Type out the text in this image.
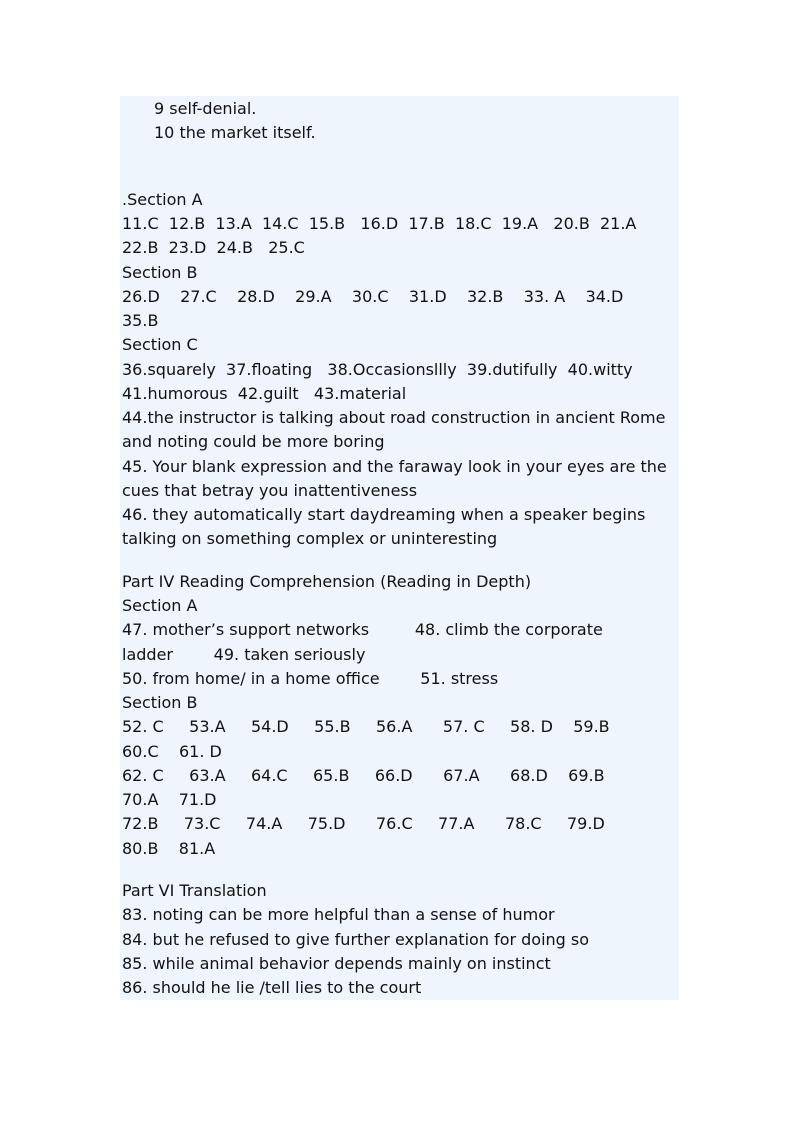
9 self-denial.
10 the market itself.
.Section A
11.C  12.B  13.A  14.C  15.B   16.D  17.B  18.C  19.A   20.B  21.A
22.B  23.D  24.B   25.C
Section B
26.D    27.C    28.D    29.A    30.C    31.D    32.B    33. A    34.D
35.B
Section C
36.squarely  37.floating   38.Occasionsllly  39.dutifully  40.witty
41.humorous  42.guilt   43.material
44.the instructor is talking about road construction in ancient Rome
and noting could be more boring
45. Your blank expression and the faraway look in your eyes are the
cues that betray you inattentiveness
46. they automatically start daydreaming when a speaker begins
talking on something complex or uninteresting
Part IV Reading Comprehension (Reading in Depth)
Section A
47. mother’s support networks         48. climb the corporate
ladder        49. taken seriously
50. from home/ in a home office        51. stress
Section B
52. C     53.A     54.D     55.B     56.A      57. C     58. D    59.B
60.C    61. D
62. C     63.A     64.C     65.B     66.D      67.A      68.D    69.B
70.A    71.D
72.B     73.C     74.A     75.D      76.C     77.A      78.C     79.D
80.B    81.A
Part VI Translation
83. noting can be more helpful than a sense of humor
84. but he refused to give further explanation for doing so
85. while animal behavior depends mainly on instinct
86. should he lie /tell lies to the court
